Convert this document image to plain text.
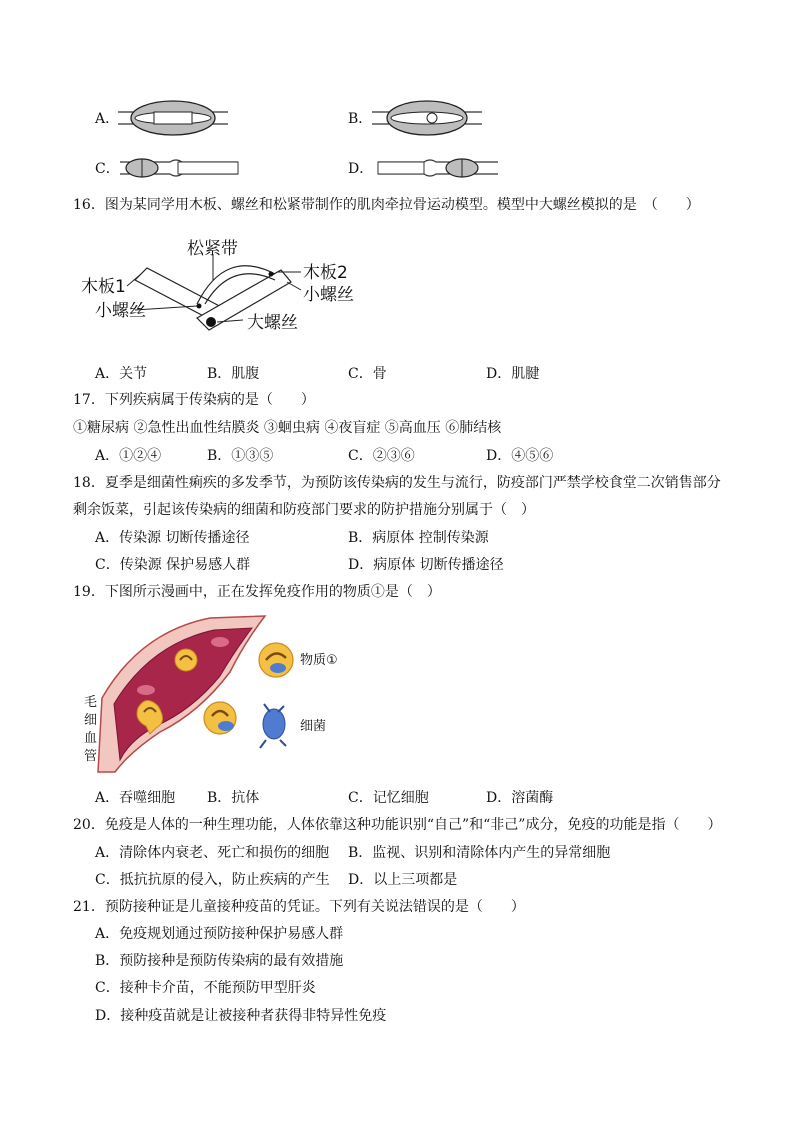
A．	B．
C．	D．
16．图为某同学用木板、螺丝和松紧带制作的肌肉牵拉骨运动模型。模型中大螺丝模拟的是　（　　）
松紧带
木板1
木板2
小螺丝
小螺丝
大螺丝
A．关节	B．肌腹	C．骨	D．肌腱
17．下列疾病属于传染病的是（　　）
①糖尿病 ②急性出血性结膜炎 ③蛔虫病 ④夜盲症 ⑤高血压 ⑥肺结核
A．①②④	B．①③⑤	C．②③⑥	D．④⑤⑥
18．夏季是细菌性痢疾的多发季节，为预防该传染病的发生与流行，防疫部门严禁学校食堂二次销售部分
剩余饭菜，引起该传染病的细菌和防疫部门要求的防护措施分别属于（　）
A．传染源 切断传播途径	B．病原体 控制传染源
C．传染源 保护易感人群	D．病原体 切断传播途径
19．下图所示漫画中，正在发挥免疫作用的物质①是（　）
物质①
细菌
毛
细
血
管
A．吞噬细胞 B．抗体	C．记忆细胞	D．溶菌酶
20．免疫是人体的一种生理功能，人体依靠这种功能识别“自己”和“非己”成分，免疫的功能是指（　　）
A．清除体内衰老、死亡和损伤的细胞 B．监视、识别和清除体内产生的异常细胞
C．抵抗抗原的侵入，防止疾病的产生 D．以上三项都是
21．预防接种证是儿童接种疫苗的凭证。下列有关说法错误的是（　　）
A．免疫规划通过预防接种保护易感人群
B．预防接种是预防传染病的最有效措施
C．接种卡介苗，不能预防甲型肝炎
D．接种疫苗就是让被接种者获得非特异性免疫
